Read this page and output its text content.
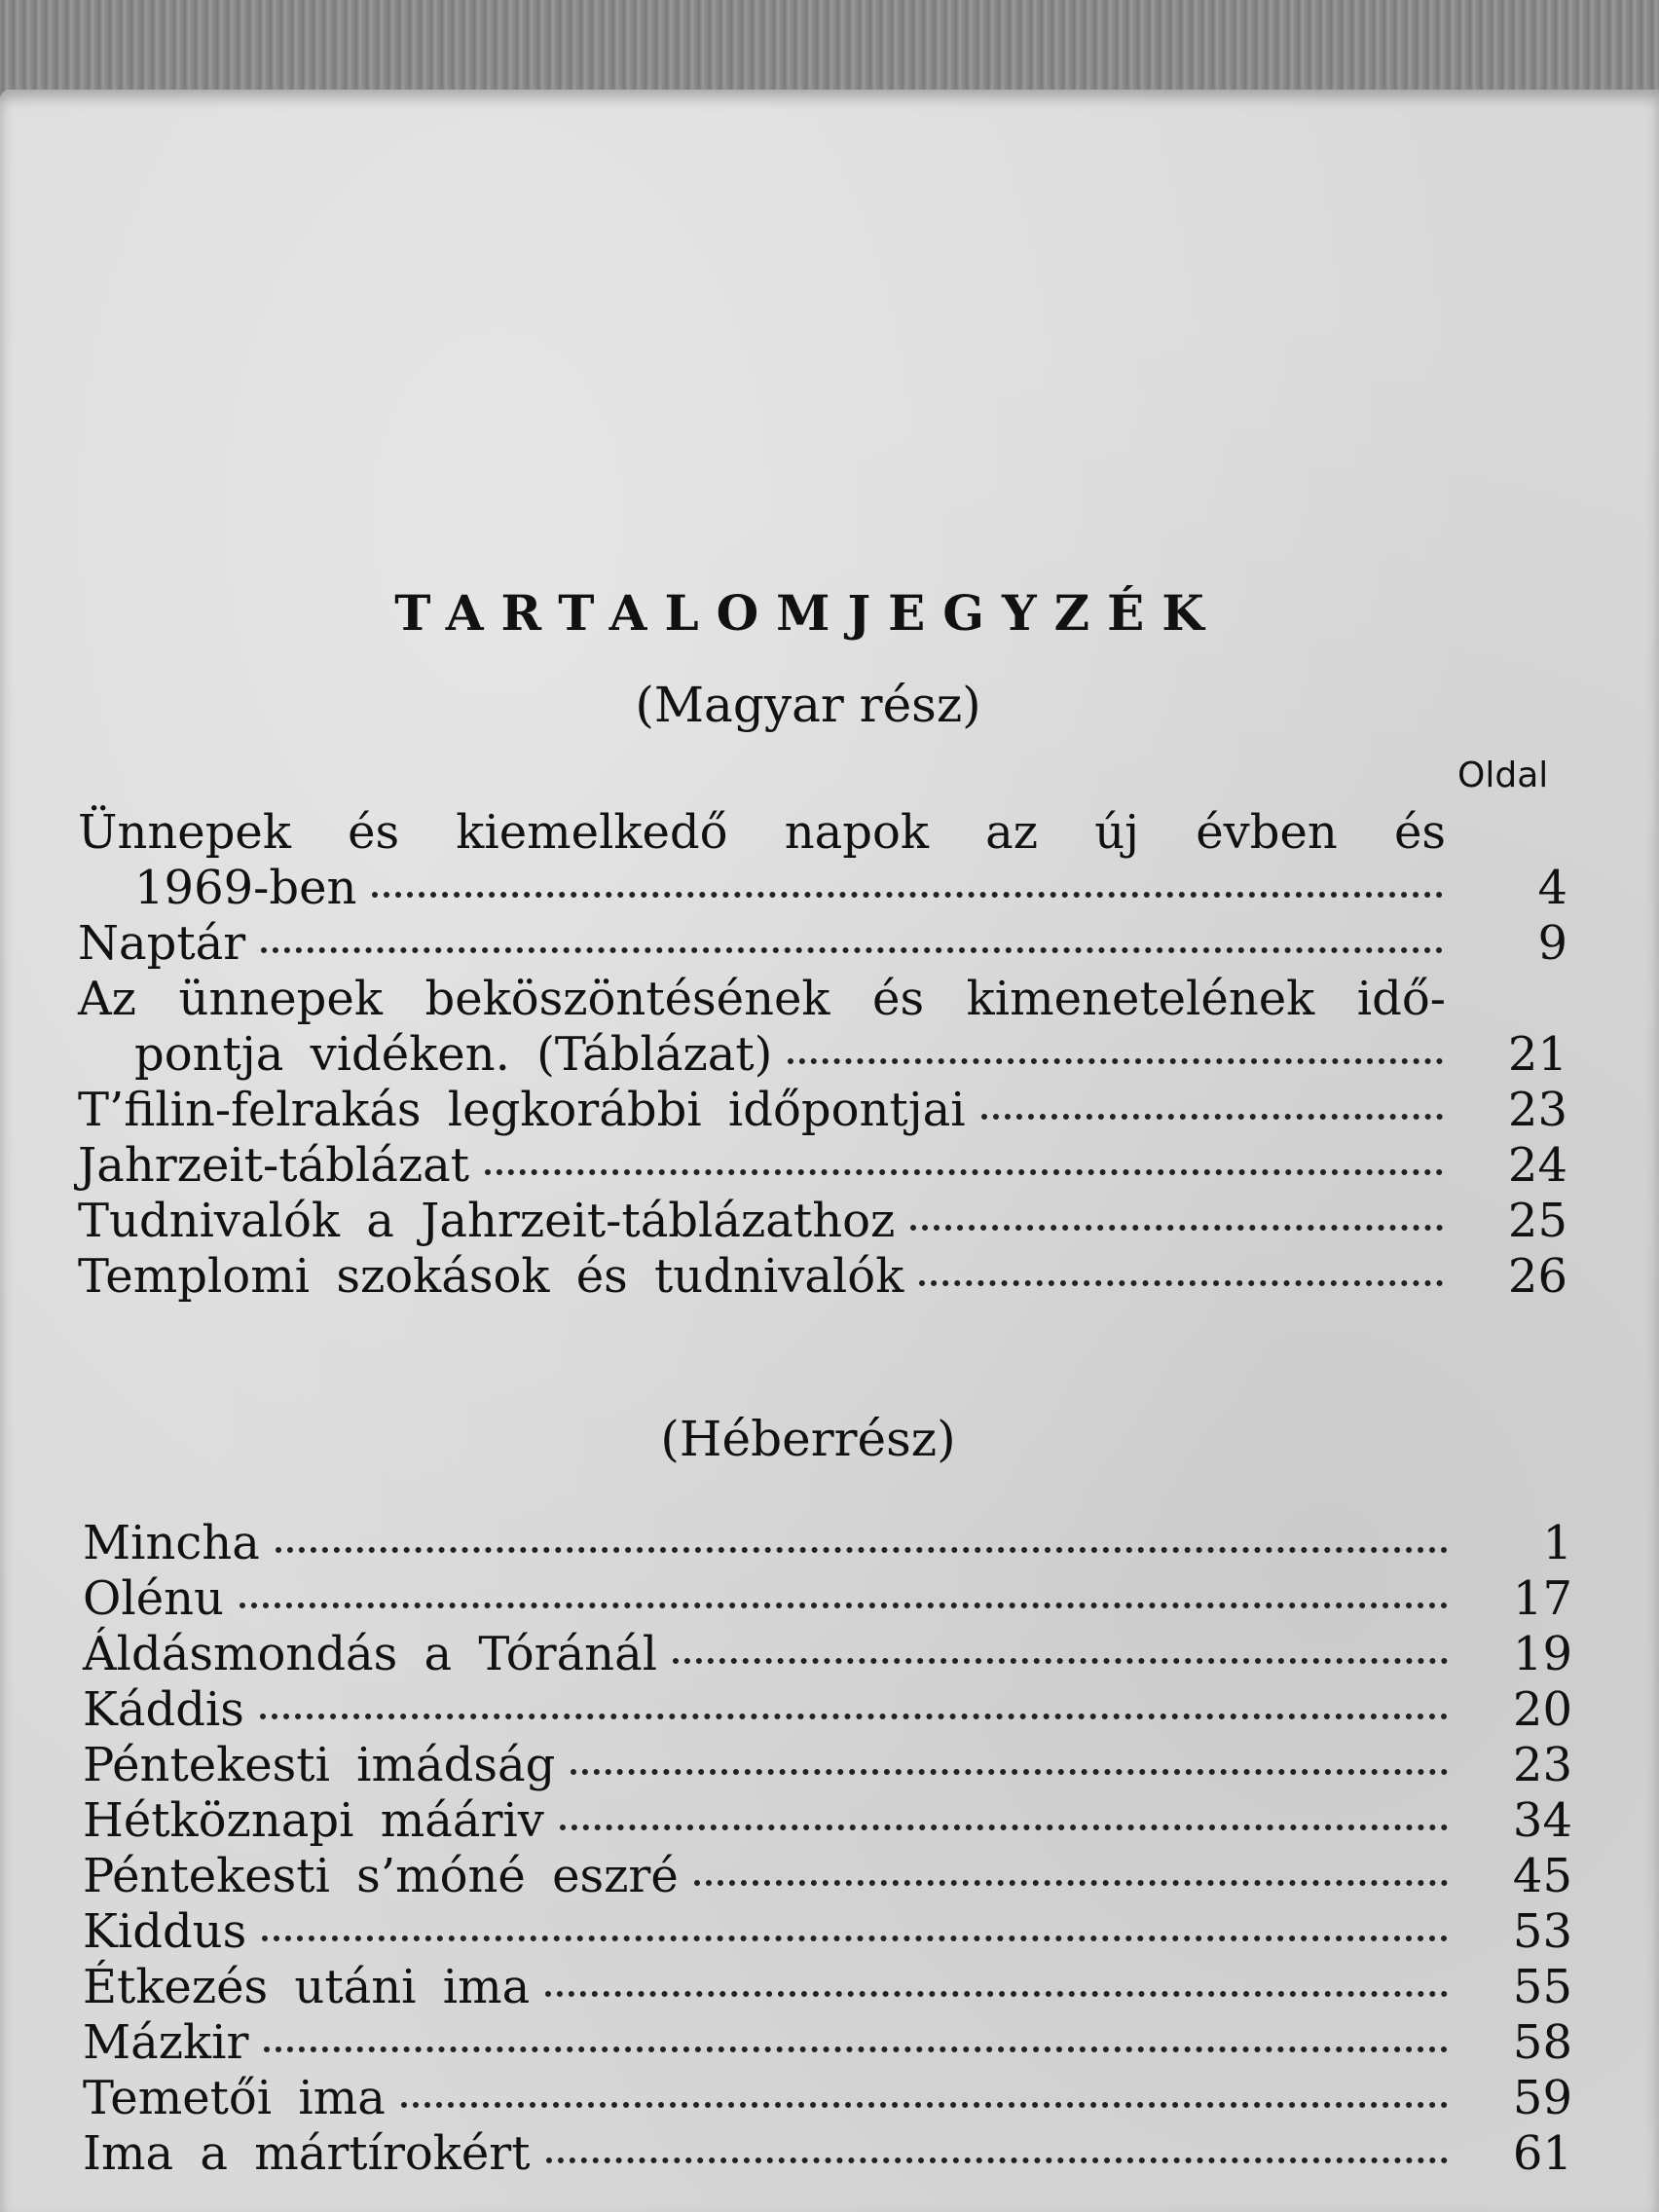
TARTALOMJEGYZÉK

(Magyar rész)

Oldal

Ünnepek és kiemelkedő napok az új évben és
1969-ben	4
Naptár	9
Az ünnepek beköszöntésének és kimenetelének idő-
pontja vidéken. (Táblázat)	21
T’filin-felrakás legkorábbi időpontjai	23
Jahrzeit-táblázat	24
Tudnivalók a Jahrzeit-táblázathoz	25
Templomi szokások és tudnivalók	26

(Héberrész)

Mincha	1
Olénu	17
Áldásmondás a Tóránál	19
Káddis	20
Péntekesti imádság	23
Hétköznapi mááriv	34
Péntekesti s’móné eszré	45
Kiddus	53
Étkezés utáni ima	55
Mázkir	58
Temetői ima	59
Ima a mártírokért	61
